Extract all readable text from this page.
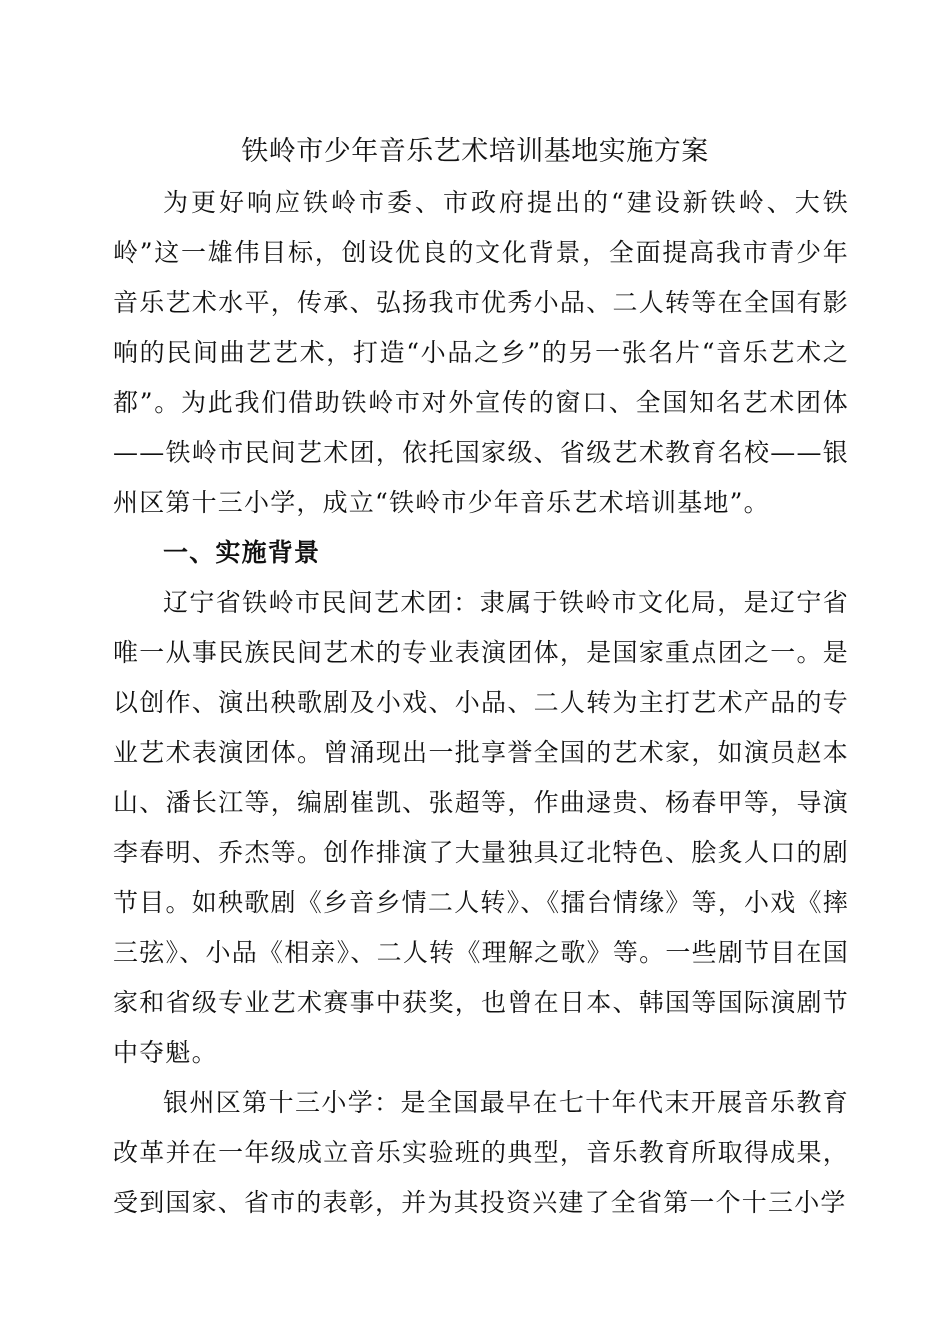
铁岭市少年音乐艺术培训基地实施方案

为更好响应铁岭市委、市政府提出的“建设新铁岭、大铁岭”这一雄伟目标，创设优良的文化背景，全面提高我市青少年音乐艺术水平，传承、弘扬我市优秀小品、二人转等在全国有影响的民间曲艺艺术，打造“小品之乡”的另一张名片“音乐艺术之都”。为此我们借助铁岭市对外宣传的窗口、全国知名艺术团体——铁岭市民间艺术团，依托国家级、省级艺术教育名校——银州区第十三小学，成立“铁岭市少年音乐艺术培训基地”。

一、实施背景

辽宁省铁岭市民间艺术团：隶属于铁岭市文化局，是辽宁省唯一从事民族民间艺术的专业表演团体，是国家重点团之一。是以创作、演出秧歌剧及小戏、小品、二人转为主打艺术产品的专业艺术表演团体。曾涌现出一批享誉全国的艺术家，如演员赵本山、潘长江等，编剧崔凯、张超等，作曲逯贵、杨春甲等，导演李春明、乔杰等。创作排演了大量独具辽北特色、脍炙人口的剧节目。如秧歌剧《乡音乡情二人转》、《擂台情缘》等，小戏《摔三弦》、小品《相亲》、二人转《理解之歌》等。一些剧节目在国家和省级专业艺术赛事中获奖，也曾在日本、韩国等国际演剧节中夺魁。

银州区第十三小学：是全国最早在七十年代末开展音乐教育改革并在一年级成立音乐实验班的典型，音乐教育所取得成果，受到国家、省市的表彰，并为其投资兴建了全省第一个十三小学
